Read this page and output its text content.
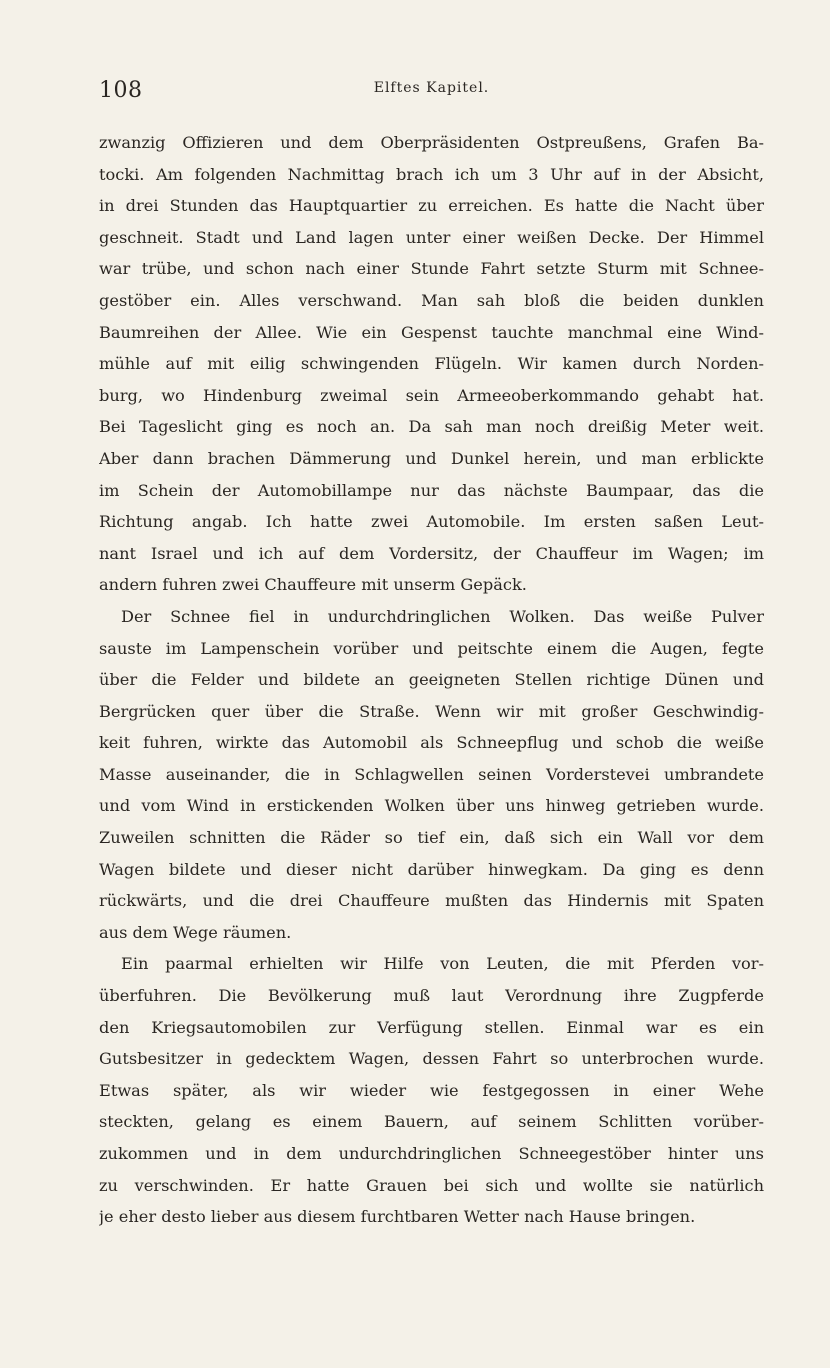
108	Elftes Kapitel.
zwanzig Offizieren und dem Oberpräsidenten Ostpreußens, Grafen Ba-
tocki. Am folgenden Nachmittag brach ich um 3 Uhr auf in der Absicht,
in drei Stunden das Hauptquartier zu erreichen. Es hatte die Nacht über
geschneit. Stadt und Land lagen unter einer weißen Decke. Der Himmel
war trübe, und schon nach einer Stunde Fahrt setzte Sturm mit Schnee-
gestöber ein. Alles verschwand. Man sah bloß die beiden dunklen
Baumreihen der Allee. Wie ein Gespenst tauchte manchmal eine Wind-
mühle auf mit eilig schwingenden Flügeln. Wir kamen durch Norden-
burg, wo Hindenburg zweimal sein Armeeoberkommando gehabt hat.
Bei Tageslicht ging es noch an. Da sah man noch dreißig Meter weit.
Aber dann brachen Dämmerung und Dunkel herein, und man erblickte
im Schein der Automobillampe nur das nächste Baumpaar, das die
Richtung angab. Ich hatte zwei Automobile. Im ersten saßen Leut-
nant Israel und ich auf dem Vordersitz, der Chauffeur im Wagen; im
andern fuhren zwei Chauffeure mit unserm Gepäck.
Der Schnee fiel in undurchdringlichen Wolken. Das weiße Pulver
sauste im Lampenschein vorüber und peitschte einem die Augen, fegte
über die Felder und bildete an geeigneten Stellen richtige Dünen und
Bergrücken quer über die Straße. Wenn wir mit großer Geschwindig-
keit fuhren, wirkte das Automobil als Schneepflug und schob die weiße
Masse auseinander, die in Schlagwellen seinen Vorderstevei umbrandete
und vom Wind in erstickenden Wolken über uns hinweg getrieben wurde.
Zuweilen schnitten die Räder so tief ein, daß sich ein Wall vor dem
Wagen bildete und dieser nicht darüber hinwegkam. Da ging es denn
rückwärts, und die drei Chauffeure mußten das Hindernis mit Spaten
aus dem Wege räumen.
Ein paarmal erhielten wir Hilfe von Leuten, die mit Pferden vor-
überfuhren. Die Bevölkerung muß laut Verordnung ihre Zugpferde
den Kriegsautomobilen zur Verfügung stellen. Einmal war es ein
Gutsbesitzer in gedecktem Wagen, dessen Fahrt so unterbrochen wurde.
Etwas später, als wir wieder wie festgegossen in einer Wehe
steckten, gelang es einem Bauern, auf seinem Schlitten vorüber-
zukommen und in dem undurchdringlichen Schneegestöber hinter uns
zu verschwinden. Er hatte Grauen bei sich und wollte sie natürlich
je eher desto lieber aus diesem furchtbaren Wetter nach Hause bringen.
